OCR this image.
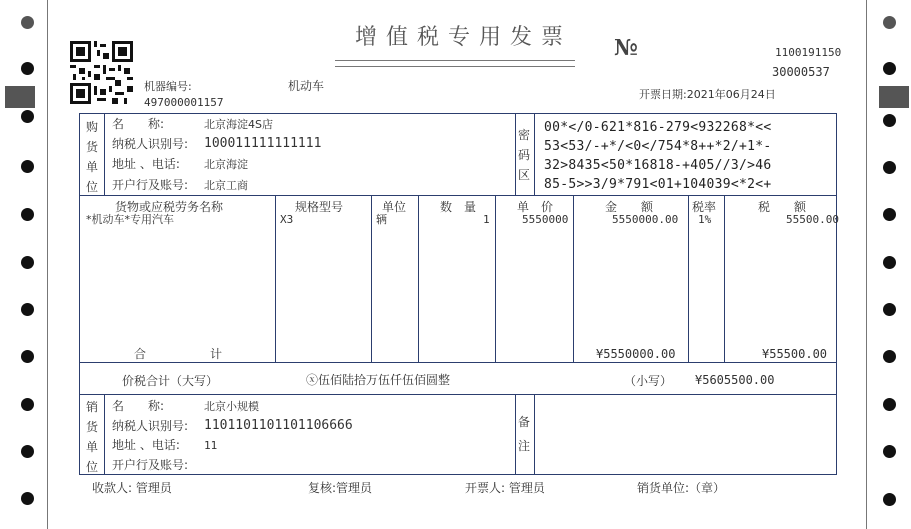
机器编号:
497000001157
机动车
增值税专用发票 №	1100191150
30000537
开票日期:2021年06月24日
购
货
单
位
名　　称:	北京海淀4S店
纳税人识别号: 100011111111111
地址 、电话: 北京海淀
开户行及账号: 北京工商
密
码
区
00*</0-621*816-279<932268*<<
53<53/-+*/<0</754*8++*2/+1*-
32>8435<50*16818-+405//3/>46
85-5>>3/9*791<01+104039<*2<+
货物或应税劳务名称	规格型号	单位	数　量	单　价	金　　额	税率	税　　额
*机动车*专用汽车	X3	辆	1	5550000	5550000.00 1%	55500.00
合	计	¥5550000.00	¥55500.00
价税合计（大写）	ⓧ伍佰陆拾万伍仟伍佰圆整	（小写） ¥5605500.00
销
货
单
位
名　　称:	北京小规模
纳税人识别号: 1101101101101106666
地址 、电话: 11
开户行及账号:
备
注
收款人: 管理员	复核:管理员	开票人: 管理员	销货单位:（章）
